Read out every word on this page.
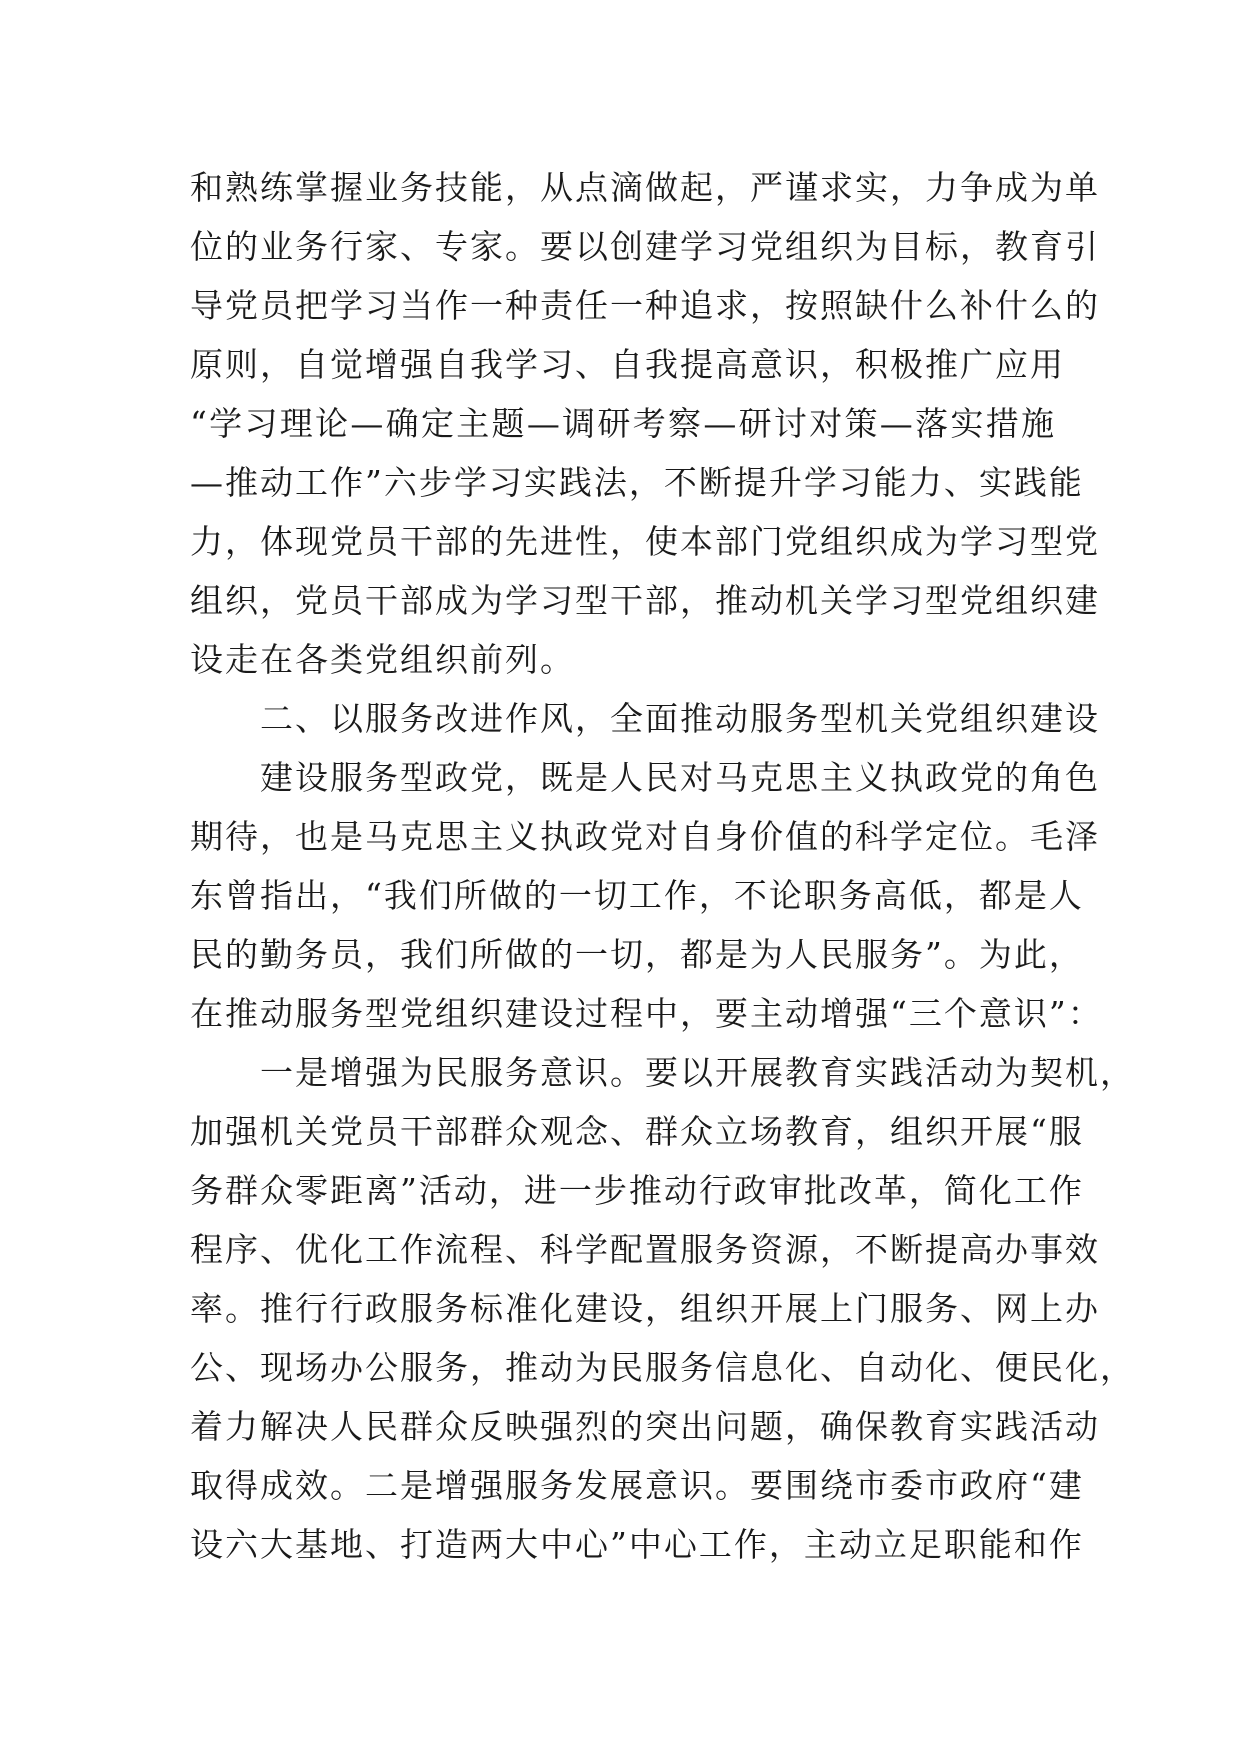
和熟练掌握业务技能，从点滴做起，严谨求实，力争成为单
位的业务行家、专家。要以创建学习党组织为目标，教育引
导党员把学习当作一种责任一种追求，按照缺什么补什么的
原则，自觉增强自我学习、自我提高意识，积极推广应用
“学习理论—确定主题—调研考察—研讨对策—落实措施
—推动工作”六步学习实践法，不断提升学习能力、实践能
力，体现党员干部的先进性，使本部门党组织成为学习型党
组织，党员干部成为学习型干部，推动机关学习型党组织建
设走在各类党组织前列。
二、以服务改进作风，全面推动服务型机关党组织建设
建设服务型政党，既是人民对马克思主义执政党的角色
期待，也是马克思主义执政党对自身价值的科学定位。毛泽
东曾指出，“我们所做的一切工作，不论职务高低，都是人
民的勤务员，我们所做的一切，都是为人民服务”。为此，
在推动服务型党组织建设过程中，要主动增强“三个意识”：
一是增强为民服务意识。要以开展教育实践活动为契机，
加强机关党员干部群众观念、群众立场教育，组织开展“服
务群众零距离”活动，进一步推动行政审批改革，简化工作
程序、优化工作流程、科学配置服务资源，不断提高办事效
率。推行行政服务标准化建设，组织开展上门服务、网上办
公、现场办公服务，推动为民服务信息化、自动化、便民化，
着力解决人民群众反映强烈的突出问题，确保教育实践活动
取得成效。二是增强服务发展意识。要围绕市委市政府“建
设六大基地、打造两大中心”中心工作，主动立足职能和作
